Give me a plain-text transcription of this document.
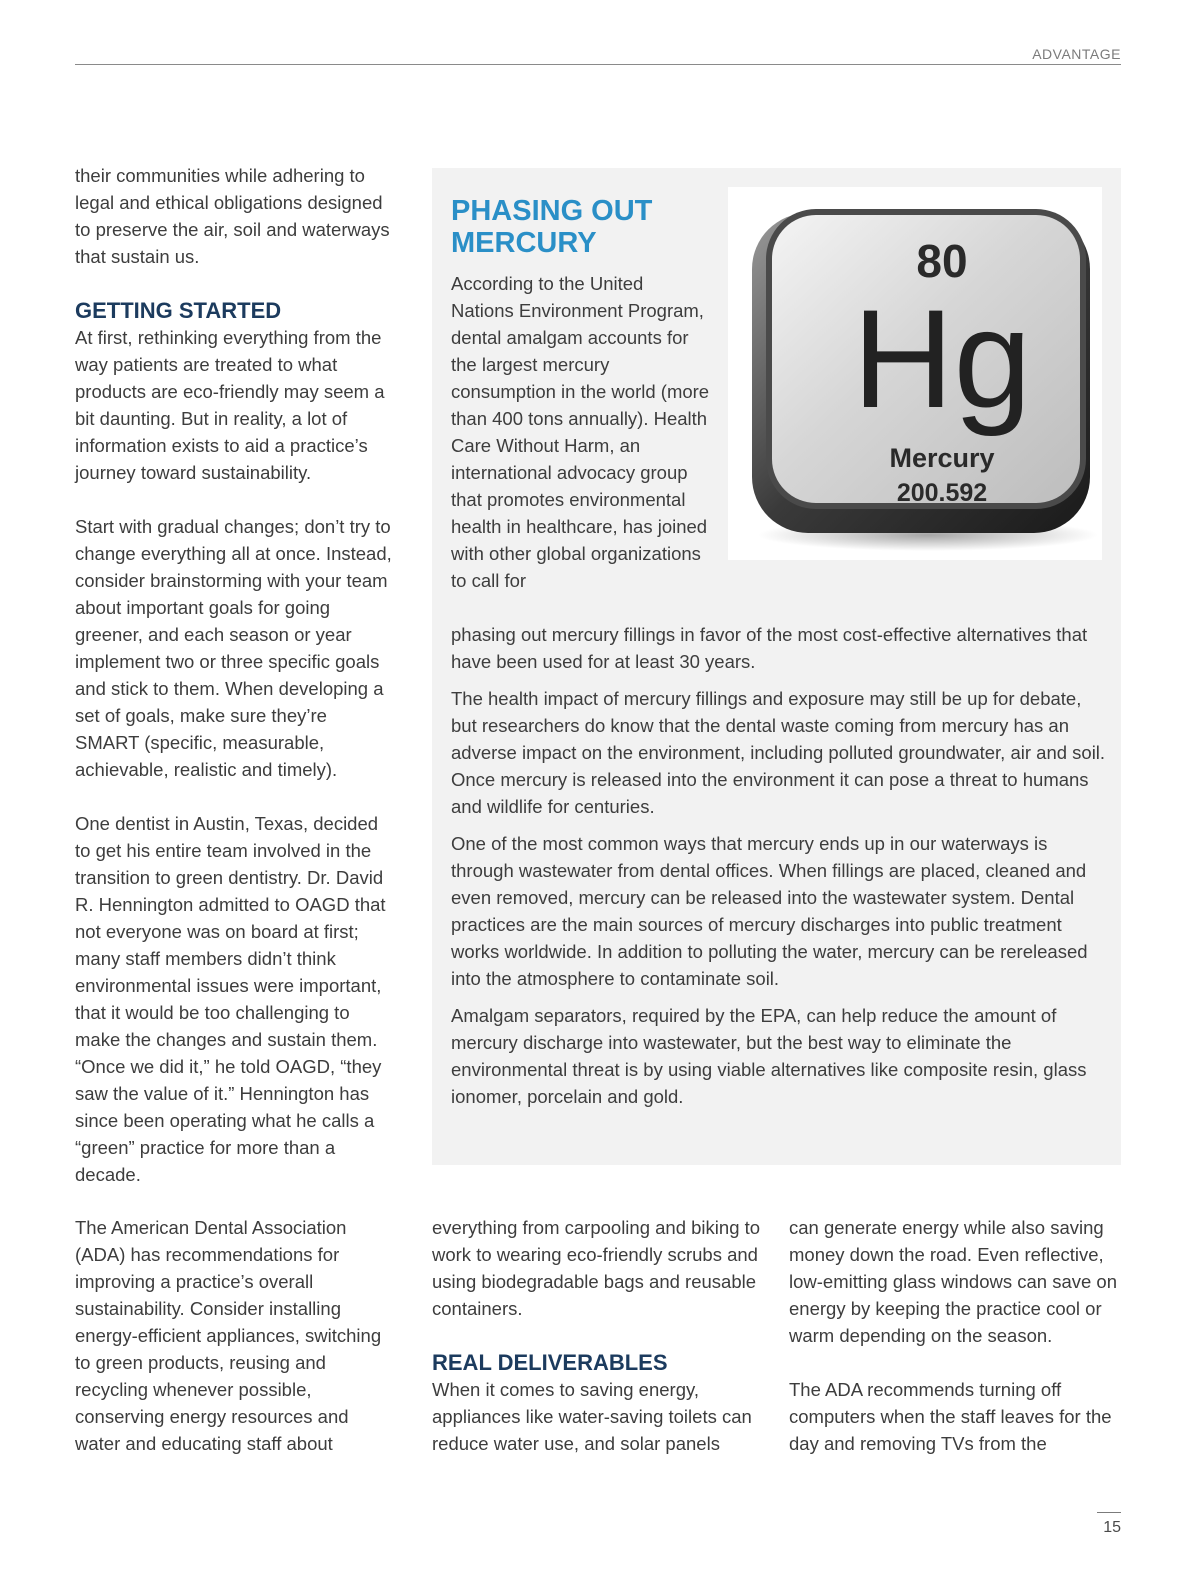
ADVANTAGE

their communities while adhering to legal and ethical obligations designed to preserve the air, soil and waterways that sustain us.

GETTING STARTED

At first, rethinking everything from the way patients are treated to what products are eco-friendly may seem a bit daunting. But in reality, a lot of information exists to aid a practice’s journey toward sustainability.

Start with gradual changes; don’t try to change everything all at once. Instead, consider brainstorming with your team about important goals for going greener, and each season or year implement two or three specific goals and stick to them. When developing a set of goals, make sure they’re SMART (specific, measurable, achievable, realistic and timely).

One dentist in Austin, Texas, decided to get his entire team involved in the transition to green dentistry. Dr. David R. Hennington admitted to OAGD that not everyone was on board at first; many staff members didn’t think environmental issues were important, that it would be too challenging to make the changes and sustain them. “Once we did it,” he told OAGD, “they saw the value of it.” Hennington has since been operating what he calls a “green” practice for more than a decade.

PHASING OUT MERCURY

According to the United Nations Environment Program, dental amalgam accounts for the largest mercury consumption in the world (more than 400 tons annually). Health Care Without Harm, an international advocacy group that promotes environmental health in healthcare, has joined with other global organizations to call for

80
Hg
Mercury
200.592

phasing out mercury fillings in favor of the most cost-effective alternatives that have been used for at least 30 years.

The health impact of mercury fillings and exposure may still be up for debate, but researchers do know that the dental waste coming from mercury has an adverse impact on the environment, including polluted groundwater, air and soil. Once mercury is released into the environment it can pose a threat to humans and wildlife for centuries.

One of the most common ways that mercury ends up in our waterways is through wastewater from dental offices. When fillings are placed, cleaned and even removed, mercury can be released into the wastewater system. Dental practices are the main sources of mercury discharges into public treatment works worldwide. In addition to polluting the water, mercury can be rereleased into the atmosphere to contaminate soil.

Amalgam separators, required by the EPA, can help reduce the amount of mercury discharge into wastewater, but the best way to eliminate the environmental threat is by using viable alternatives like composite resin, glass ionomer, porcelain and gold.

The American Dental Association (ADA) has recommendations for improving a practice’s overall sustainability. Consider installing energy-efficient appliances, switching to green products, reusing and recycling whenever possible, conserving energy resources and water and educating staff about

everything from carpooling and biking to work to wearing eco-friendly scrubs and using biodegradable bags and reusable containers.

REAL DELIVERABLES

When it comes to saving energy, appliances like water-saving toilets can reduce water use, and solar panels

can generate energy while also saving money down the road. Even reflective, low-emitting glass windows can save on energy by keeping the practice cool or warm depending on the season.

The ADA recommends turning off computers when the staff leaves for the day and removing TVs from the

15
